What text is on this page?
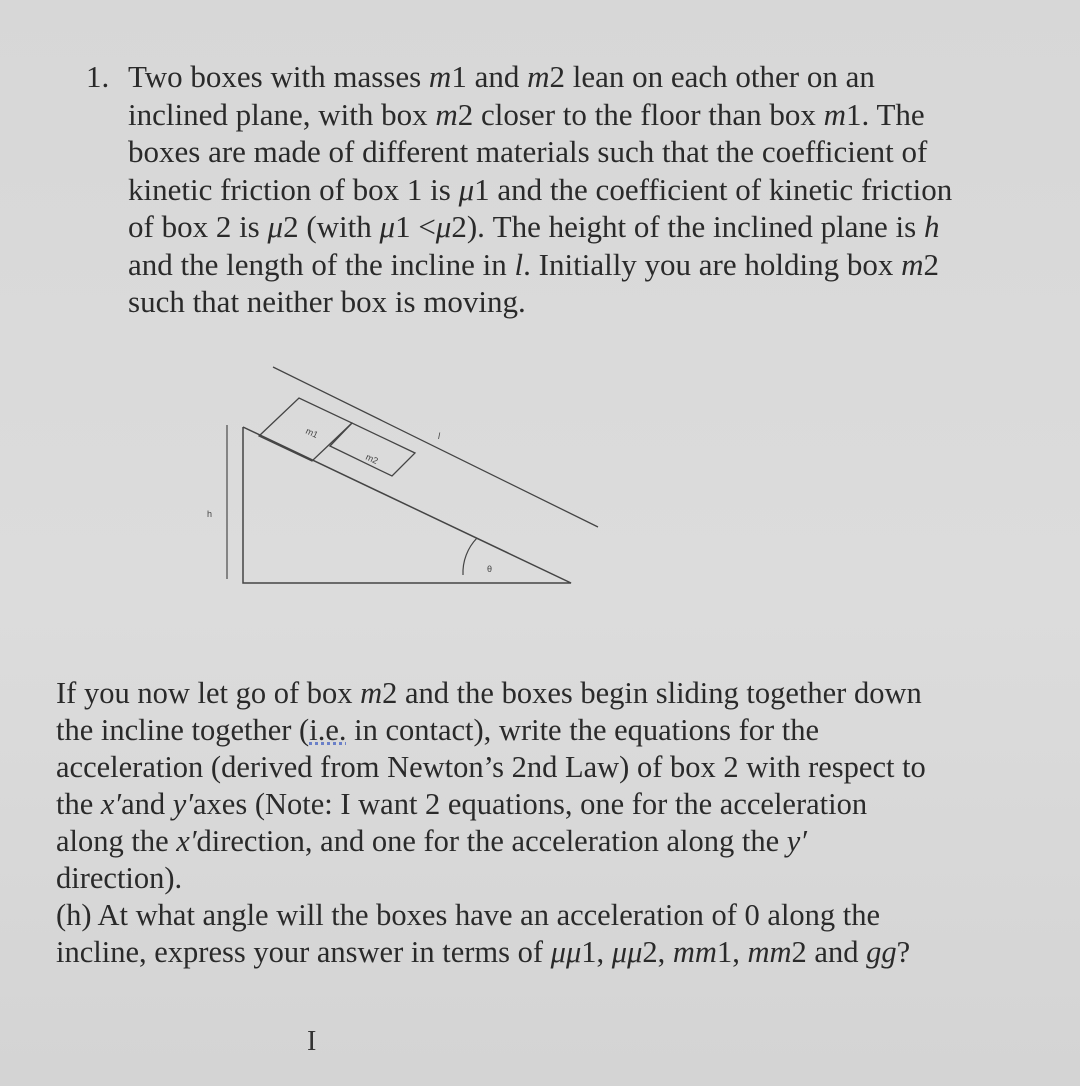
1. Two boxes with masses m1 and m2 lean on each other on an
inclined plane, with box m2 closer to the floor than box m1. The
boxes are made of different materials such that the coefficient of
kinetic friction of box 1 is μ1 and the coefficient of kinetic friction
of box 2 is μ2 (with μ1 <μ2). The height of the inclined plane is h
and the length of the incline in l. Initially you are holding box m2
such that neither box is moving.
l
h
m1
m2
θ
If you now let go of box m2 and the boxes begin sliding together down
the incline together (i.e. in contact), write the equations for the
acceleration (derived from Newton’s 2nd Law) of box 2 with respect to
the x′and y′axes (Note: I want 2 equations, one for the acceleration
along the x′direction, and one for the acceleration along the y′
direction).
(h) At what angle will the boxes have an acceleration of 0 along the
incline, express your answer in terms of μμ1, μμ2, mm1, mm2 and gg?
I
